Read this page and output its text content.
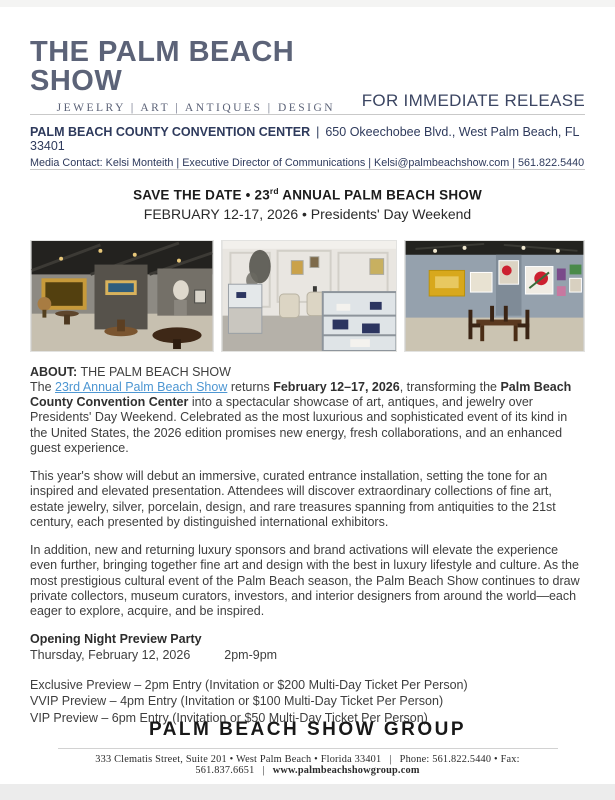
THE PALM BEACH SHOW
JEWELRY | ART | ANTIQUES | DESIGN	FOR IMMEDIATE RELEASE
PALM BEACH COUNTY CONVENTION CENTER | 650 Okeechobee Blvd., West Palm Beach, FL 33401
Media Contact: Kelsi Monteith | Executive Director of Communications | Kelsi@palmbeachshow.com | 561.822.5440
SAVE THE DATE • 23rd ANNUAL PALM BEACH SHOW
FEBRUARY 12-17, 2026 • Presidents' Day Weekend
ABOUT: THE PALM BEACH SHOW

The 23rd Annual Palm Beach Show returns February 12–17, 2026, transforming the Palm Beach County Convention Center into a spectacular showcase of art, antiques, and jewelry over Presidents' Day Weekend. Celebrated as the most luxurious and sophisticated event of its kind in the United States, the 2026 edition promises new energy, fresh collaborations, and an enhanced guest experience.

This year's show will debut an immersive, curated entrance installation, setting the tone for an inspired and elevated presentation. Attendees will discover extraordinary collections of fine art, estate jewelry, silver, porcelain, design, and rare treasures spanning from antiquities to the 21st century, each presented by distinguished international exhibitors.

In addition, new and returning luxury sponsors and brand activations will elevate the experience even further, bringing together fine art and design with the best in luxury lifestyle and culture. As the most prestigious cultural event of the Palm Beach season, the Palm Beach Show continues to draw private collectors, museum curators, investors, and interior designers from around the world—each eager to explore, acquire, and be inspired.

Opening Night Preview Party
Thursday, February 12, 2026	2pm-9pm
Exclusive Preview – 2pm Entry (Invitation or $200 Multi-Day Ticket Per Person)
VVIP Preview – 4pm Entry (Invitation or $100 Multi-Day Ticket Per Person)
VIP Preview – 6pm Entry (Invitation or $50 Multi-Day Ticket Per Person)
PALM BEACH SHOW GROUP
333 Clematis Street, Suite 201 • West Palm Beach • Florida 33401 | Phone: 561.822.5440 • Fax: 561.837.6651 | www.palmbeachshowgroup.com
